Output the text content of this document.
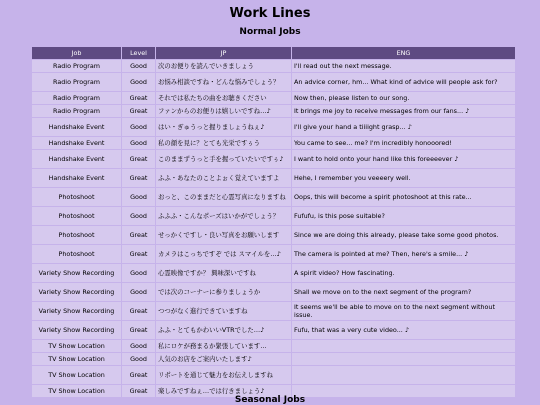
Work Lines
Normal Jobs
Job	Level	JP	ENG
Radio Program	Good	次のお便りを読んでいきましょう	I'll read out the next message.
Radio Program	Good	お悩み相談ですね・どんな悩みでしょう？	An advice corner, hm... What kind of advice will people ask for?
Radio Program	Great	それでは私たちの曲をお聴きください	Now then, please listen to our song.
Radio Program	Great	ファンからのお便りは嬉しいですね…♪	It brings me joy to receive messages from our fans... ♪
Handshake Event	Good	はい・ぎゅうっと握りましょうねぇ♪	I'll give your hand a tiiiight grasp... ♪
Handshake Event	Good	私の顔を見に？とても光栄ですぅう	You came to see... me? I'm incredibly honooored!
Handshake Event	Great	このままずうっと手を握っていたいですぅ♪	I want to hold onto your hand like this foreeeever ♪
Handshake Event	Great	ふふ・あなたのことよぉく覚えていますよ	Hehe, I remember you veeeery well.
Photoshoot	Good	おっと、このままだと心霊写真になりますね	Oops, this will become a spirit photoshoot at this rate...
Photoshoot	Good	ふふふ・こんなポーズはいかがでしょう？	Fufufu, is this pose suitable?
Photoshoot	Great	せっかくですし・良い写真をお願いします	Since we are doing this already, please take some good photos.
Photoshoot	Great	カメラはこっちですぞ では スマイルを…♪	The camera is pointed at me? Then, here's a smile... ♪
Variety Show Recording	Good	心霊映像ですか？ 興味深いですね	A spirit video? How fascinating.
Variety Show Recording	Good	では次のコーナーに参りましょうか	Shall we move on to the next segment of the program?
Variety Show Recording	Great	つつがなく進行できていますね	It seems we'll be able to move on to the next segment without issue.
Variety Show Recording	Great	ふふ・とてもかわいいVTRでした…♪	Fufu, that was a very cute video... ♪
TV Show Location	Good	私にロケが務まるか緊張しています…	
TV Show Location	Good	人気のお店をご案内いたします♪	
TV Show Location	Great	リポートを通じて魅力をお伝えしますね	
TV Show Location	Great	楽しみですねぇ…では行きましょう♪	
Seasonal Jobs
